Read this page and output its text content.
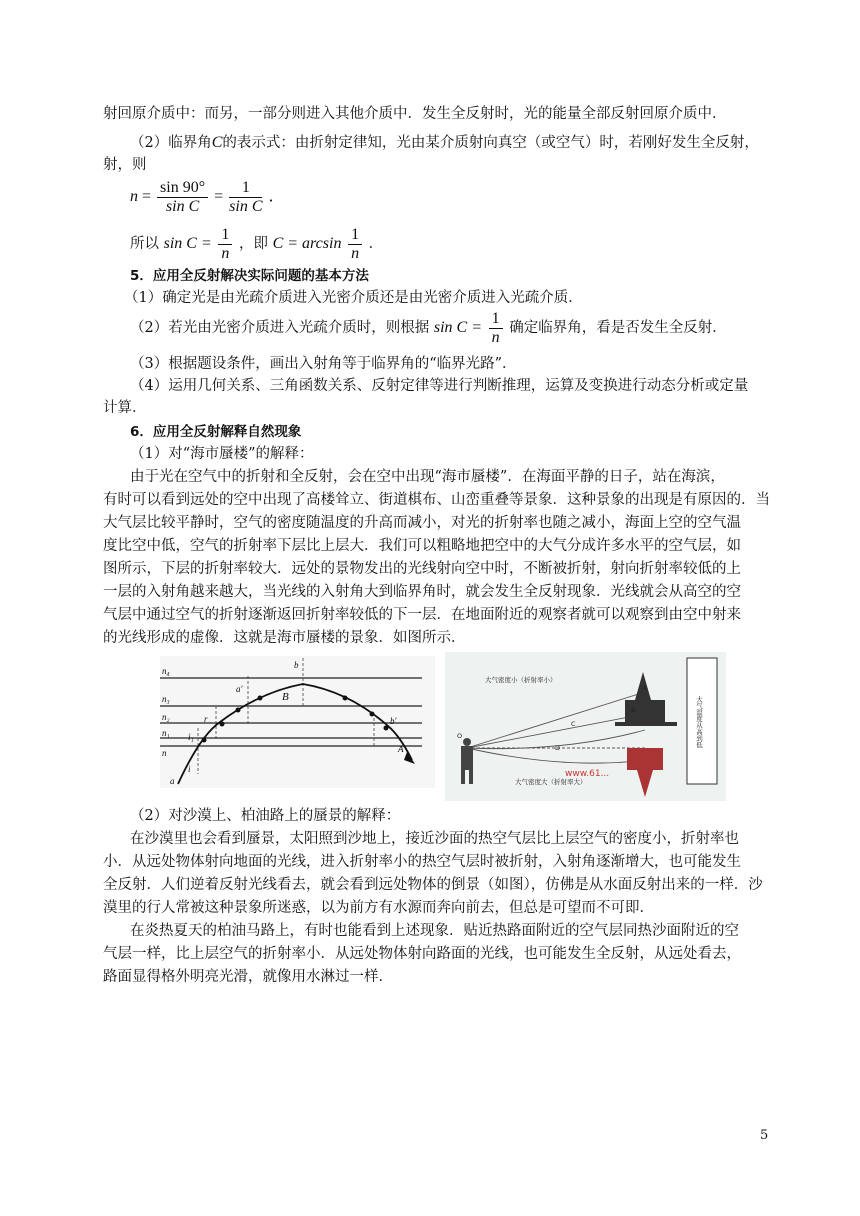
射回原介质中：而另，一部分则进入其他介质中．发生全反射时，光的能量全部反射回原介质中．
（2）临界角C的表示式：由折射定律知，光由某介质射向真空（或空气）时，若刚好发生全反射，
射，则
$n = \frac{\sin 90^\circ}{\text{sin C}} = \frac{1}{\text{sin C}}$ ．
所以 $\sin C = \frac{1}{n}$ ，即 $C = \arcsin \frac{1}{n}$ ．
5．应用全反射解决实际问题的基本方法
（1）确定光是由光疏介质进入光密介质还是由光密介质进入光疏介质．
（2）若光由光密介质进入光疏介质时，则根据 $\sin C = \frac{1}{n}$ 确定临界角，看是否发生全反射．
（3）根据题设条件，画出入射角等于临界角的“临界光路”．
（4）运用几何关系、三角函数关系、反射定律等进行判断推理，运算及变换进行动态分析或定量
计算．
6．应用全反射解释自然现象
（1）对“海市蜃楼”的解释：
由于光在空气中的折射和全反射，会在空中出现“海市蜃楼”．在海面平静的日子，站在海滨，
有时可以看到远处的空中出现了高楼耸立、街道棋布、山峦重叠等景象．这种景象的出现是有原因的．当
大气层比较平静时，空气的密度随温度的升高而减小，对光的折射率也随之减小，海面上空的空气温
度比空中低，空气的折射率下层比上层大．我们可以粗略地把空中的大气分成许多水平的空气层，如
图所示，下层的折射率较大．远处的景物发出的光线射向空中时，不断被折射，射向折射率较低的上
一层的入射角越来越大，当光线的入射角大到临界角时，就会发生全反射现象．光线就会从高空的空
气层中通过空气的折射逐渐返回折射率较低的下一层．在地面附近的观察者就可以观察到由空中射来
的光线形成的虚像．这就是海市蜃楼的景象．如图所示．
n₄
n₃
n₂
n₁
n
b
a′
B
r
i₁
i
a
b′
A
大气密度小（折射率小）
大气密度大（折射率大）
A
B
C
D
O
www.61...
大气温度从高到低
（2）对沙漠上、柏油路上的蜃景的解释：
在沙漠里也会看到蜃景，太阳照到沙地上，接近沙面的热空气层比上层空气的密度小，折射率也
小．从远处物体射向地面的光线，进入折射率小的热空气层时被折射，入射角逐渐增大，也可能发生
全反射．人们逆着反射光线看去，就会看到远处物体的倒景（如图），仿佛是从水面反射出来的一样．沙
漠里的行人常被这种景象所迷惑，以为前方有水源而奔向前去，但总是可望而不可即．
在炎热夏天的柏油马路上，有时也能看到上述现象．贴近热路面附近的空气层同热沙面附近的空
气层一样，比上层空气的折射率小．从远处物体射向路面的光线，也可能发生全反射，从远处看去，
路面显得格外明亮光滑，就像用水淋过一样．
5
